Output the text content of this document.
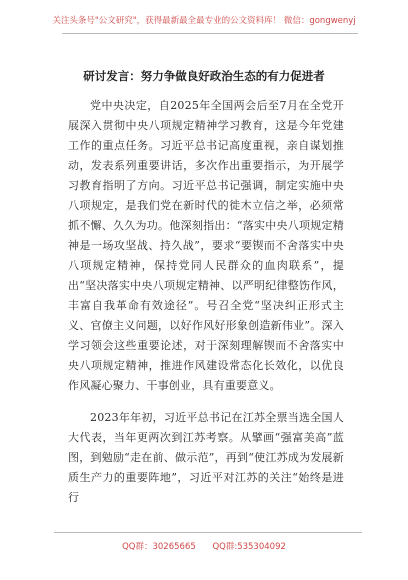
关注头条号"公文研究"，获得最新最全最专业的公文资料库！ 微信：gongwenyj
研讨发言：努力争做良好政治生态的有力促进者

党中央决定，自2025年全国两会后至7月在全党开展深入贯彻中央八项规定精神学习教育，这是今年党建工作的重点任务。习近平总书记高度重视，亲自谋划推动，发表系列重要讲话，多次作出重要指示，为开展学习教育指明了方向。习近平总书记强调，制定实施中央八项规定，是我们党在新时代的徙木立信之举，必须常抓不懈、久久为功。他深刻指出：“落实中央八项规定精神是一场攻坚战、持久战”，要求“要锲而不舍落实中央八项规定精神，保持党同人民群众的血肉联系”，提出“坚决落实中央八项规定精神、以严明纪律整饬作风，丰富自我革命有效途径”。号召全党“坚决纠正形式主义、官僚主义问题，以好作风好形象创造新伟业”。深入学习领会这些重要论述，对于深刻理解锲而不舍落实中央八项规定精神，推进作风建设常态化长效化，以优良作风凝心聚力、干事创业，具有重要意义。

2023年年初，习近平总书记在江苏全票当选全国人大代表，当年更两次到江苏考察。从擘画“强富美高”蓝图，到勉励“走在前、做示范”，再到“使江苏成为发展新质生产力的重要阵地”，习近平对江苏的关注“始终是进行

QQ群：30265665 QQ群:535304092
